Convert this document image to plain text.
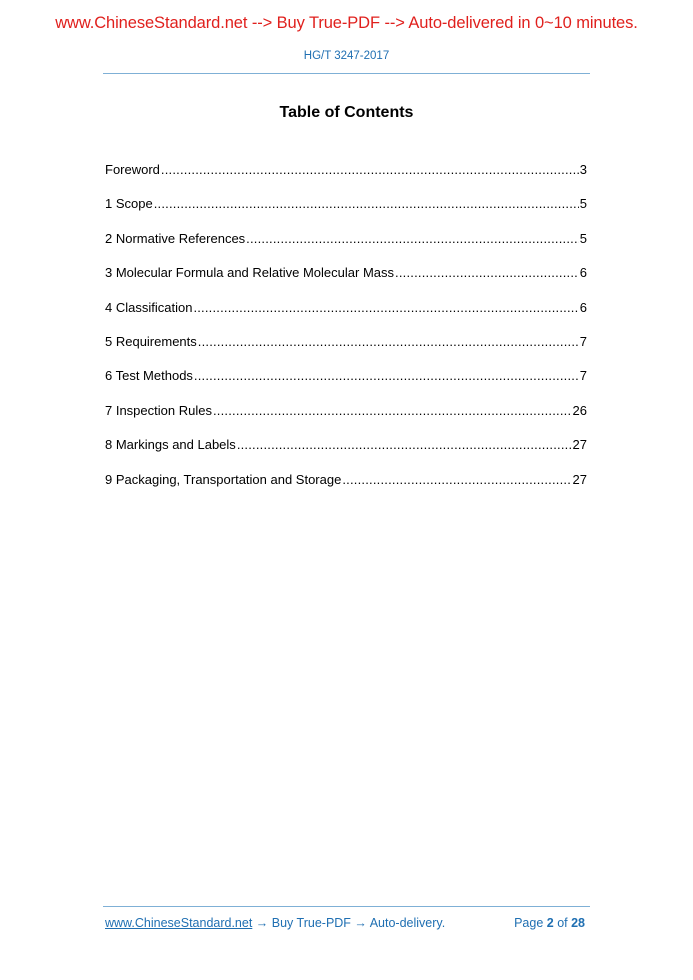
www.ChineseStandard.net --> Buy True-PDF --> Auto-delivered in 0~10 minutes.
HG/T 3247-2017
Table of Contents
Foreword .....	3
1 Scope .....	5
2 Normative References .....	5
3 Molecular Formula and Relative Molecular Mass .....	6
4 Classification .....	6
5 Requirements .....	7
6 Test Methods .....	7
7 Inspection Rules .....	26
8 Markings and Labels .....	27
9 Packaging, Transportation and Storage .....	27
www.ChineseStandard.net → Buy True-PDF → Auto-delivery.	Page 2 of 28
